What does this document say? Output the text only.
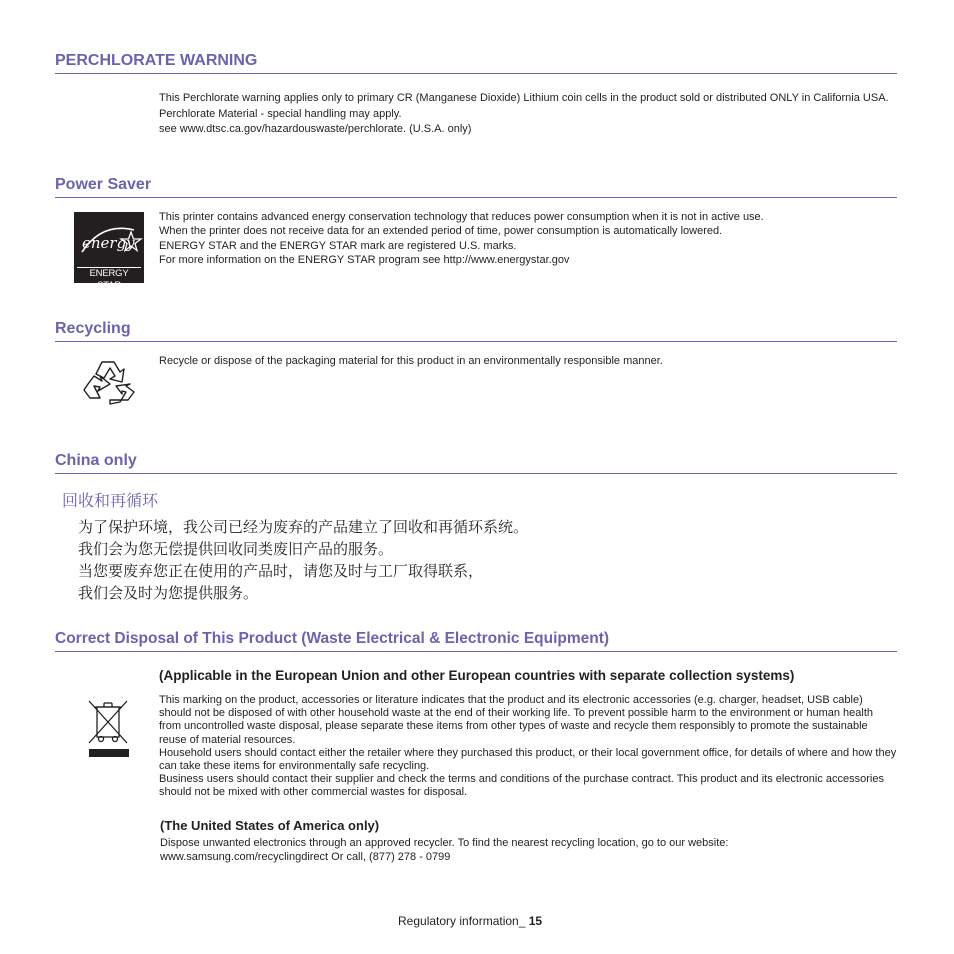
PERCHLORATE WARNING

This Perchlorate warning applies only to primary CR (Manganese Dioxide) Lithium coin cells in the product sold or distributed ONLY in California USA.

Perchlorate Material - special handling may apply.

see www.dtsc.ca.gov/hazardouswaste/perchlorate. (U.S.A. only)

Power Saver
energy
ENERGY STAR

This printer contains advanced energy conservation technology that reduces power consumption when it is not in active use.

When the printer does not receive data for an extended period of time, power consumption is automatically lowered.

ENERGY STAR and the ENERGY STAR mark are registered U.S. marks.

For more information on the ENERGY STAR program see http://www.energystar.gov

Recycling

Recycle or dispose of the packaging material for this product in an environmentally responsible manner.

China only
回收和再循环

为了保护环境，我公司已经为废弃的产品建立了回收和再循环系统。

我们会为您无偿提供回收同类废旧产品的服务。

当您要废弃您正在使用的产品时，请您及时与工厂取得联系，

我们会及时为您提供服务。

Correct Disposal of This Product (Waste Electrical & Electronic Equipment)
(Applicable in the European Union and other European countries with separate collection systems)

This marking on the product, accessories or literature indicates that the product and its electronic accessories (e.g. charger, headset, USB cable) should not be disposed of with other household waste at the end of their working life. To prevent possible harm to the environment or human health from uncontrolled waste disposal, please separate these items from other types of waste and recycle them responsibly to promote the sustainable reuse of material resources.

Household users should contact either the retailer where they purchased this product, or their local government office, for details of where and how they can take these items for environmentally safe recycling.

Business users should contact their supplier and check the terms and conditions of the purchase contract. This product and its electronic accessories should not be mixed with other commercial wastes for disposal.

(The United States of America only)

Dispose unwanted electronics through an approved recycler. To find the nearest recycling location, go to our website:

www.samsung.com/recyclingdirect Or call, (877) 278 - 0799

Regulatory information_ 15
